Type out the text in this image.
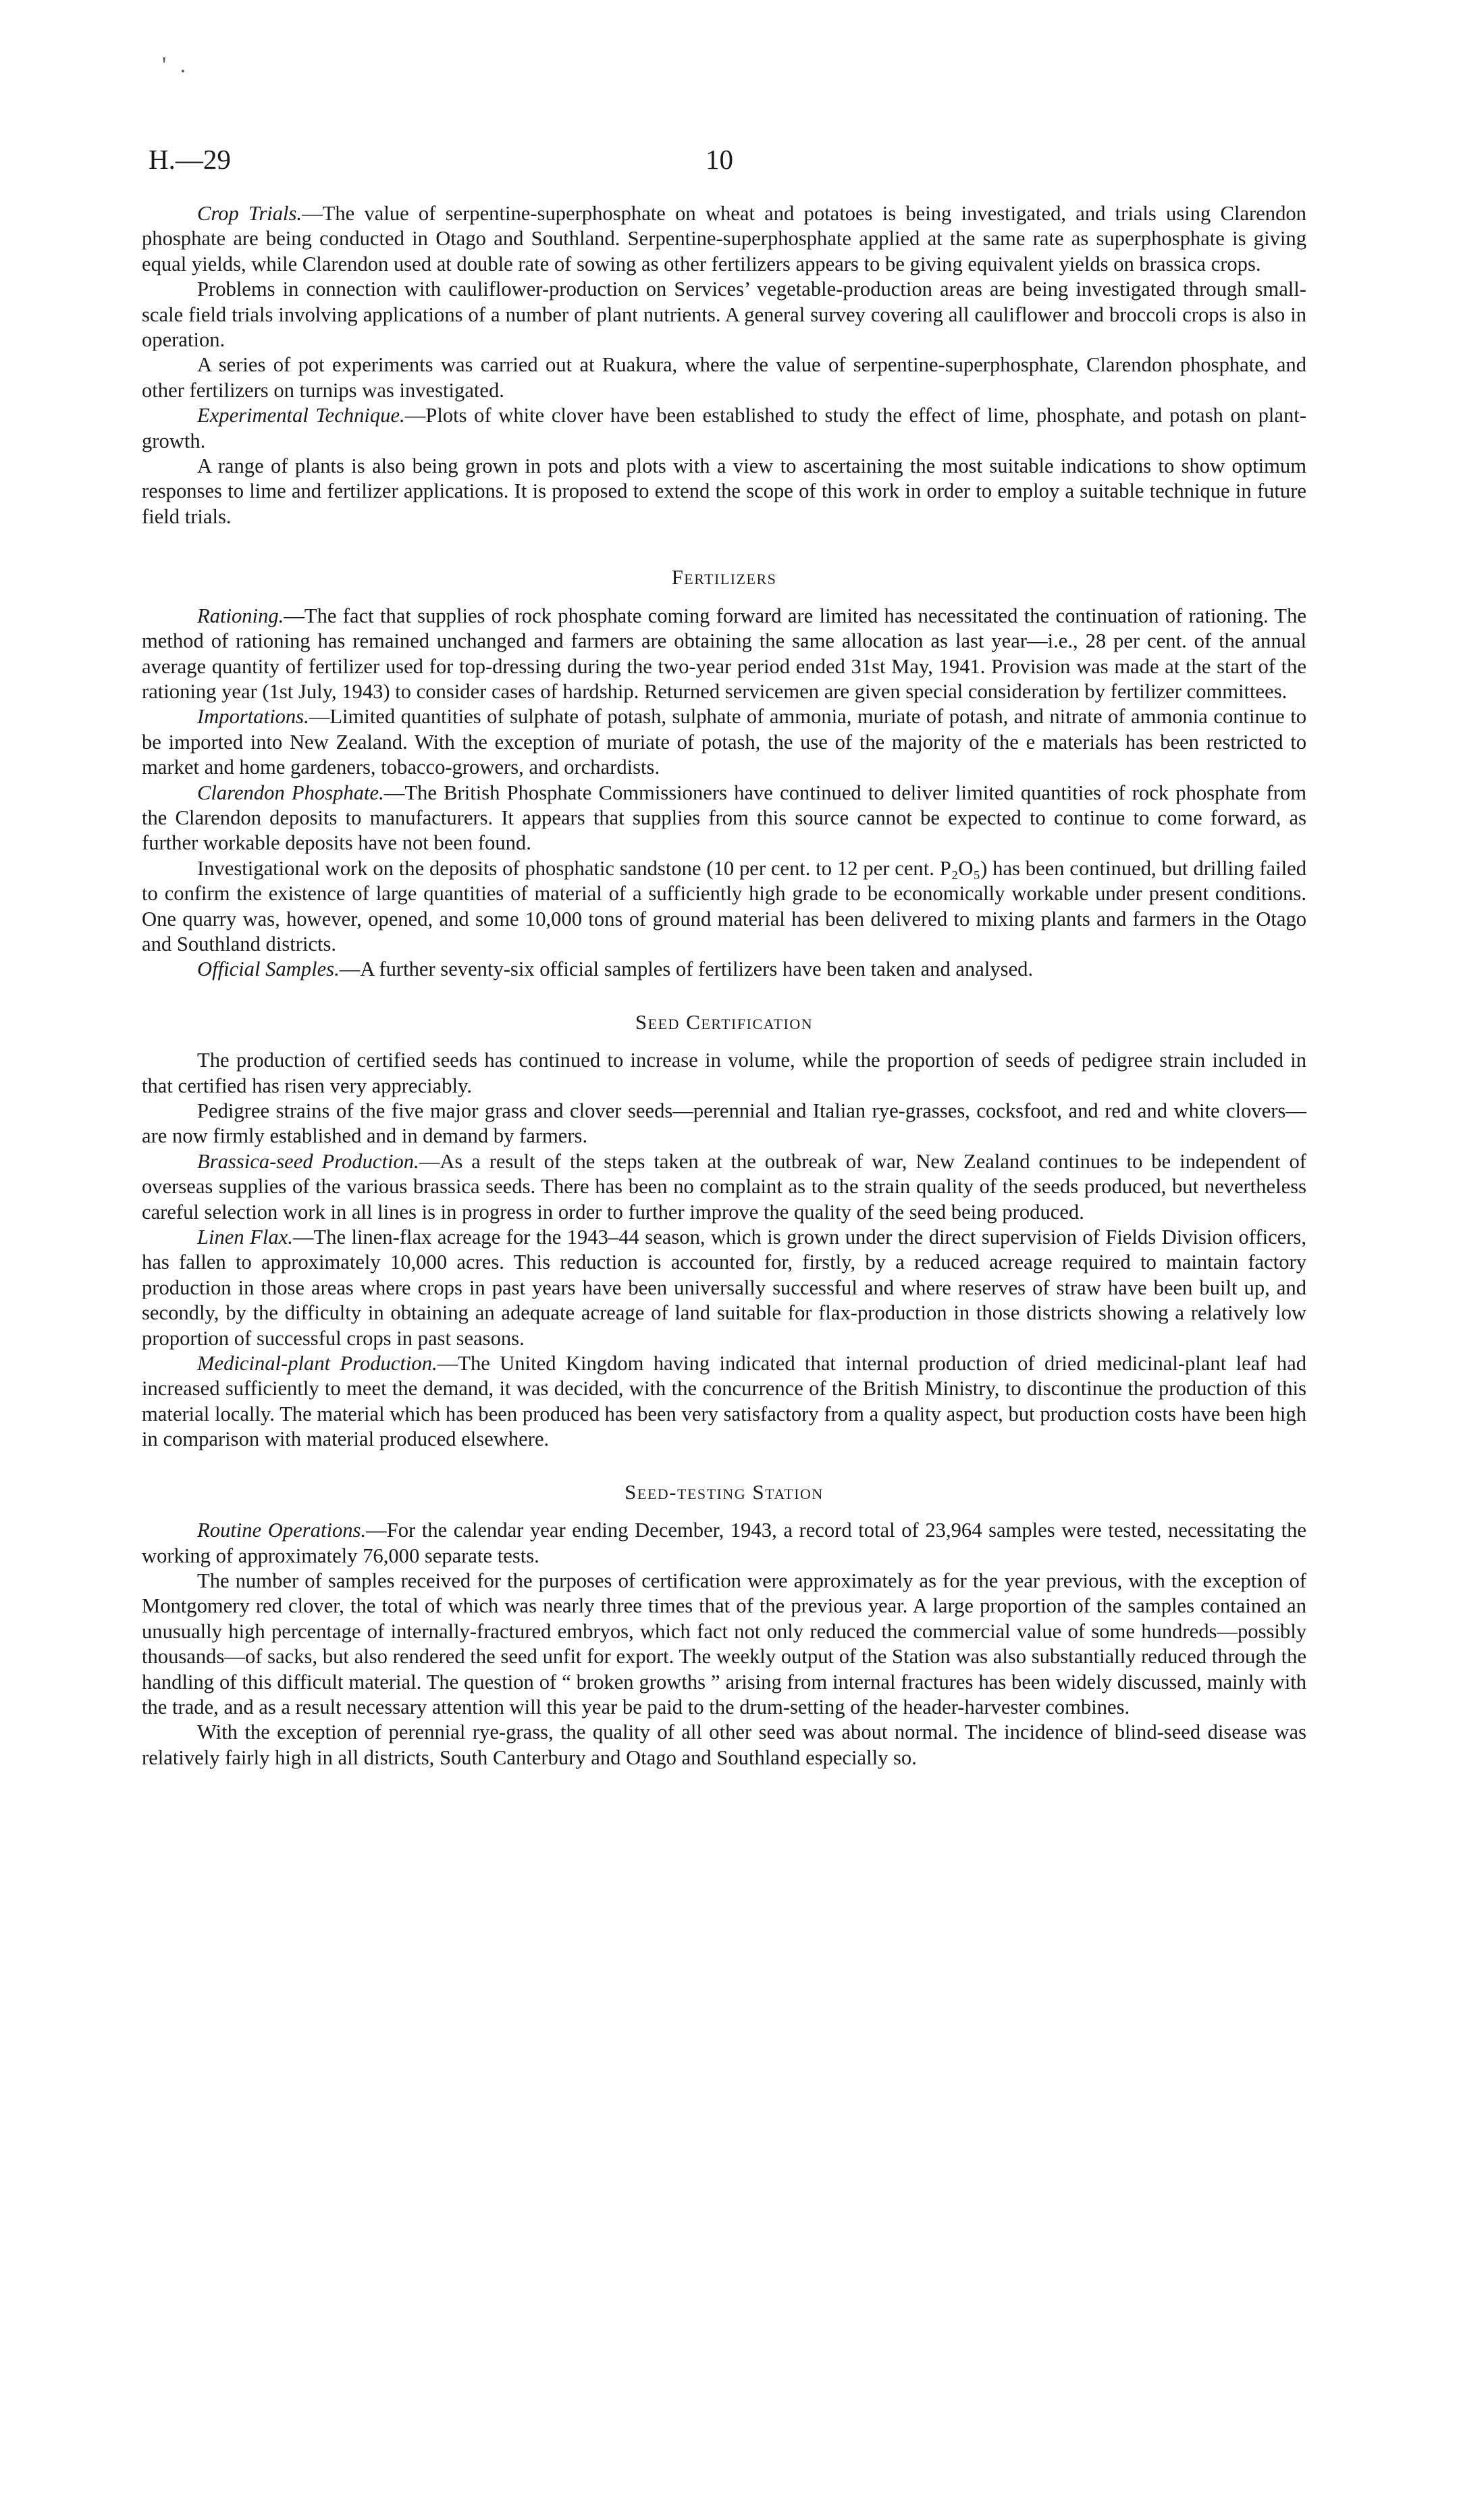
' .
H.—29	10

Crop Trials.—The value of serpentine-superphosphate on wheat and potatoes is being investigated, and trials using Clarendon phosphate are being conducted in Otago and Southland. Serpentine-superphosphate applied at the same rate as superphosphate is giving equal yields, while Clarendon used at double rate of sowing as other fertilizers appears to be giving equivalent yields on brassica crops.

Problems in connection with cauliflower-production on Services’ vegetable-production areas are being investigated through small-scale field trials involving applications of a number of plant nutrients. A general survey covering all cauliflower and broccoli crops is also in operation.

A series of pot experiments was carried out at Ruakura, where the value of serpentine-superphosphate, Clarendon phosphate, and other fertilizers on turnips was investigated.

Experimental Technique.—Plots of white clover have been established to study the effect of lime, phosphate, and potash on plant-growth.

A range of plants is also being grown in pots and plots with a view to ascertaining the most suitable indications to show optimum responses to lime and fertilizer applications. It is proposed to extend the scope of this work in order to employ a suitable technique in future field trials.

Fertilizers

Rationing.—The fact that supplies of rock phosphate coming forward are limited has necessitated the continuation of rationing. The method of rationing has remained unchanged and farmers are obtaining the same allocation as last year—i.e., 28 per cent. of the annual average quantity of fertilizer used for top-dressing during the two-year period ended 31st May, 1941. Provision was made at the start of the rationing year (1st July, 1943) to consider cases of hardship. Returned servicemen are given special consideration by fertilizer committees.

Importations.—Limited quantities of sulphate of potash, sulphate of ammonia, muriate of potash, and nitrate of ammonia continue to be imported into New Zealand. With the exception of muriate of potash, the use of the majority of the e materials has been restricted to market and home gardeners, tobacco-growers, and orchardists.

Clarendon Phosphate.—The British Phosphate Commissioners have continued to deliver limited quantities of rock phosphate from the Clarendon deposits to manufacturers. It appears that supplies from this source cannot be expected to continue to come forward, as further workable deposits have not been found.

Investigational work on the deposits of phosphatic sandstone (10 per cent. to 12 per cent. P₂O₅) has been continued, but drilling failed to confirm the existence of large quantities of material of a sufficiently high grade to be economically workable under present conditions. One quarry was, however, opened, and some 10,000 tons of ground material has been delivered to mixing plants and farmers in the Otago and Southland districts.

Official Samples.—A further seventy-six official samples of fertilizers have been taken and analysed.

Seed Certification

The production of certified seeds has continued to increase in volume, while the proportion of seeds of pedigree strain included in that certified has risen very appreciably.

Pedigree strains of the five major grass and clover seeds—perennial and Italian rye-grasses, cocksfoot, and red and white clovers—are now firmly established and in demand by farmers.

Brassica-seed Production.—As a result of the steps taken at the outbreak of war, New Zealand continues to be independent of overseas supplies of the various brassica seeds. There has been no complaint as to the strain quality of the seeds produced, but nevertheless careful selection work in all lines is in progress in order to further improve the quality of the seed being produced.

Linen Flax.—The linen-flax acreage for the 1943–44 season, which is grown under the direct supervision of Fields Division officers, has fallen to approximately 10,000 acres. This reduction is accounted for, firstly, by a reduced acreage required to maintain factory production in those areas where crops in past years have been universally successful and where reserves of straw have been built up, and secondly, by the difficulty in obtaining an adequate acreage of land suitable for flax-production in those districts showing a relatively low proportion of successful crops in past seasons.

Medicinal-plant Production.—The United Kingdom having indicated that internal production of dried medicinal-plant leaf had increased sufficiently to meet the demand, it was decided, with the concurrence of the British Ministry, to discontinue the production of this material locally. The material which has been produced has been very satisfactory from a quality aspect, but production costs have been high in comparison with material produced elsewhere.

Seed-testing Station

Routine Operations.—For the calendar year ending December, 1943, a record total of 23,964 samples were tested, necessitating the working of approximately 76,000 separate tests.

The number of samples received for the purposes of certification were approximately as for the year previous, with the exception of Montgomery red clover, the total of which was nearly three times that of the previous year. A large proportion of the samples contained an unusually high percentage of internally-fractured embryos, which fact not only reduced the commercial value of some hundreds—possibly thousands—of sacks, but also rendered the seed unfit for export. The weekly output of the Station was also substantially reduced through the handling of this difficult material. The question of “ broken growths ” arising from internal fractures has been widely discussed, mainly with the trade, and as a result necessary attention will this year be paid to the drum-setting of the header-harvester combines.

With the exception of perennial rye-grass, the quality of all other seed was about normal. The incidence of blind-seed disease was relatively fairly high in all districts, South Canterbury and Otago and Southland especially so.
